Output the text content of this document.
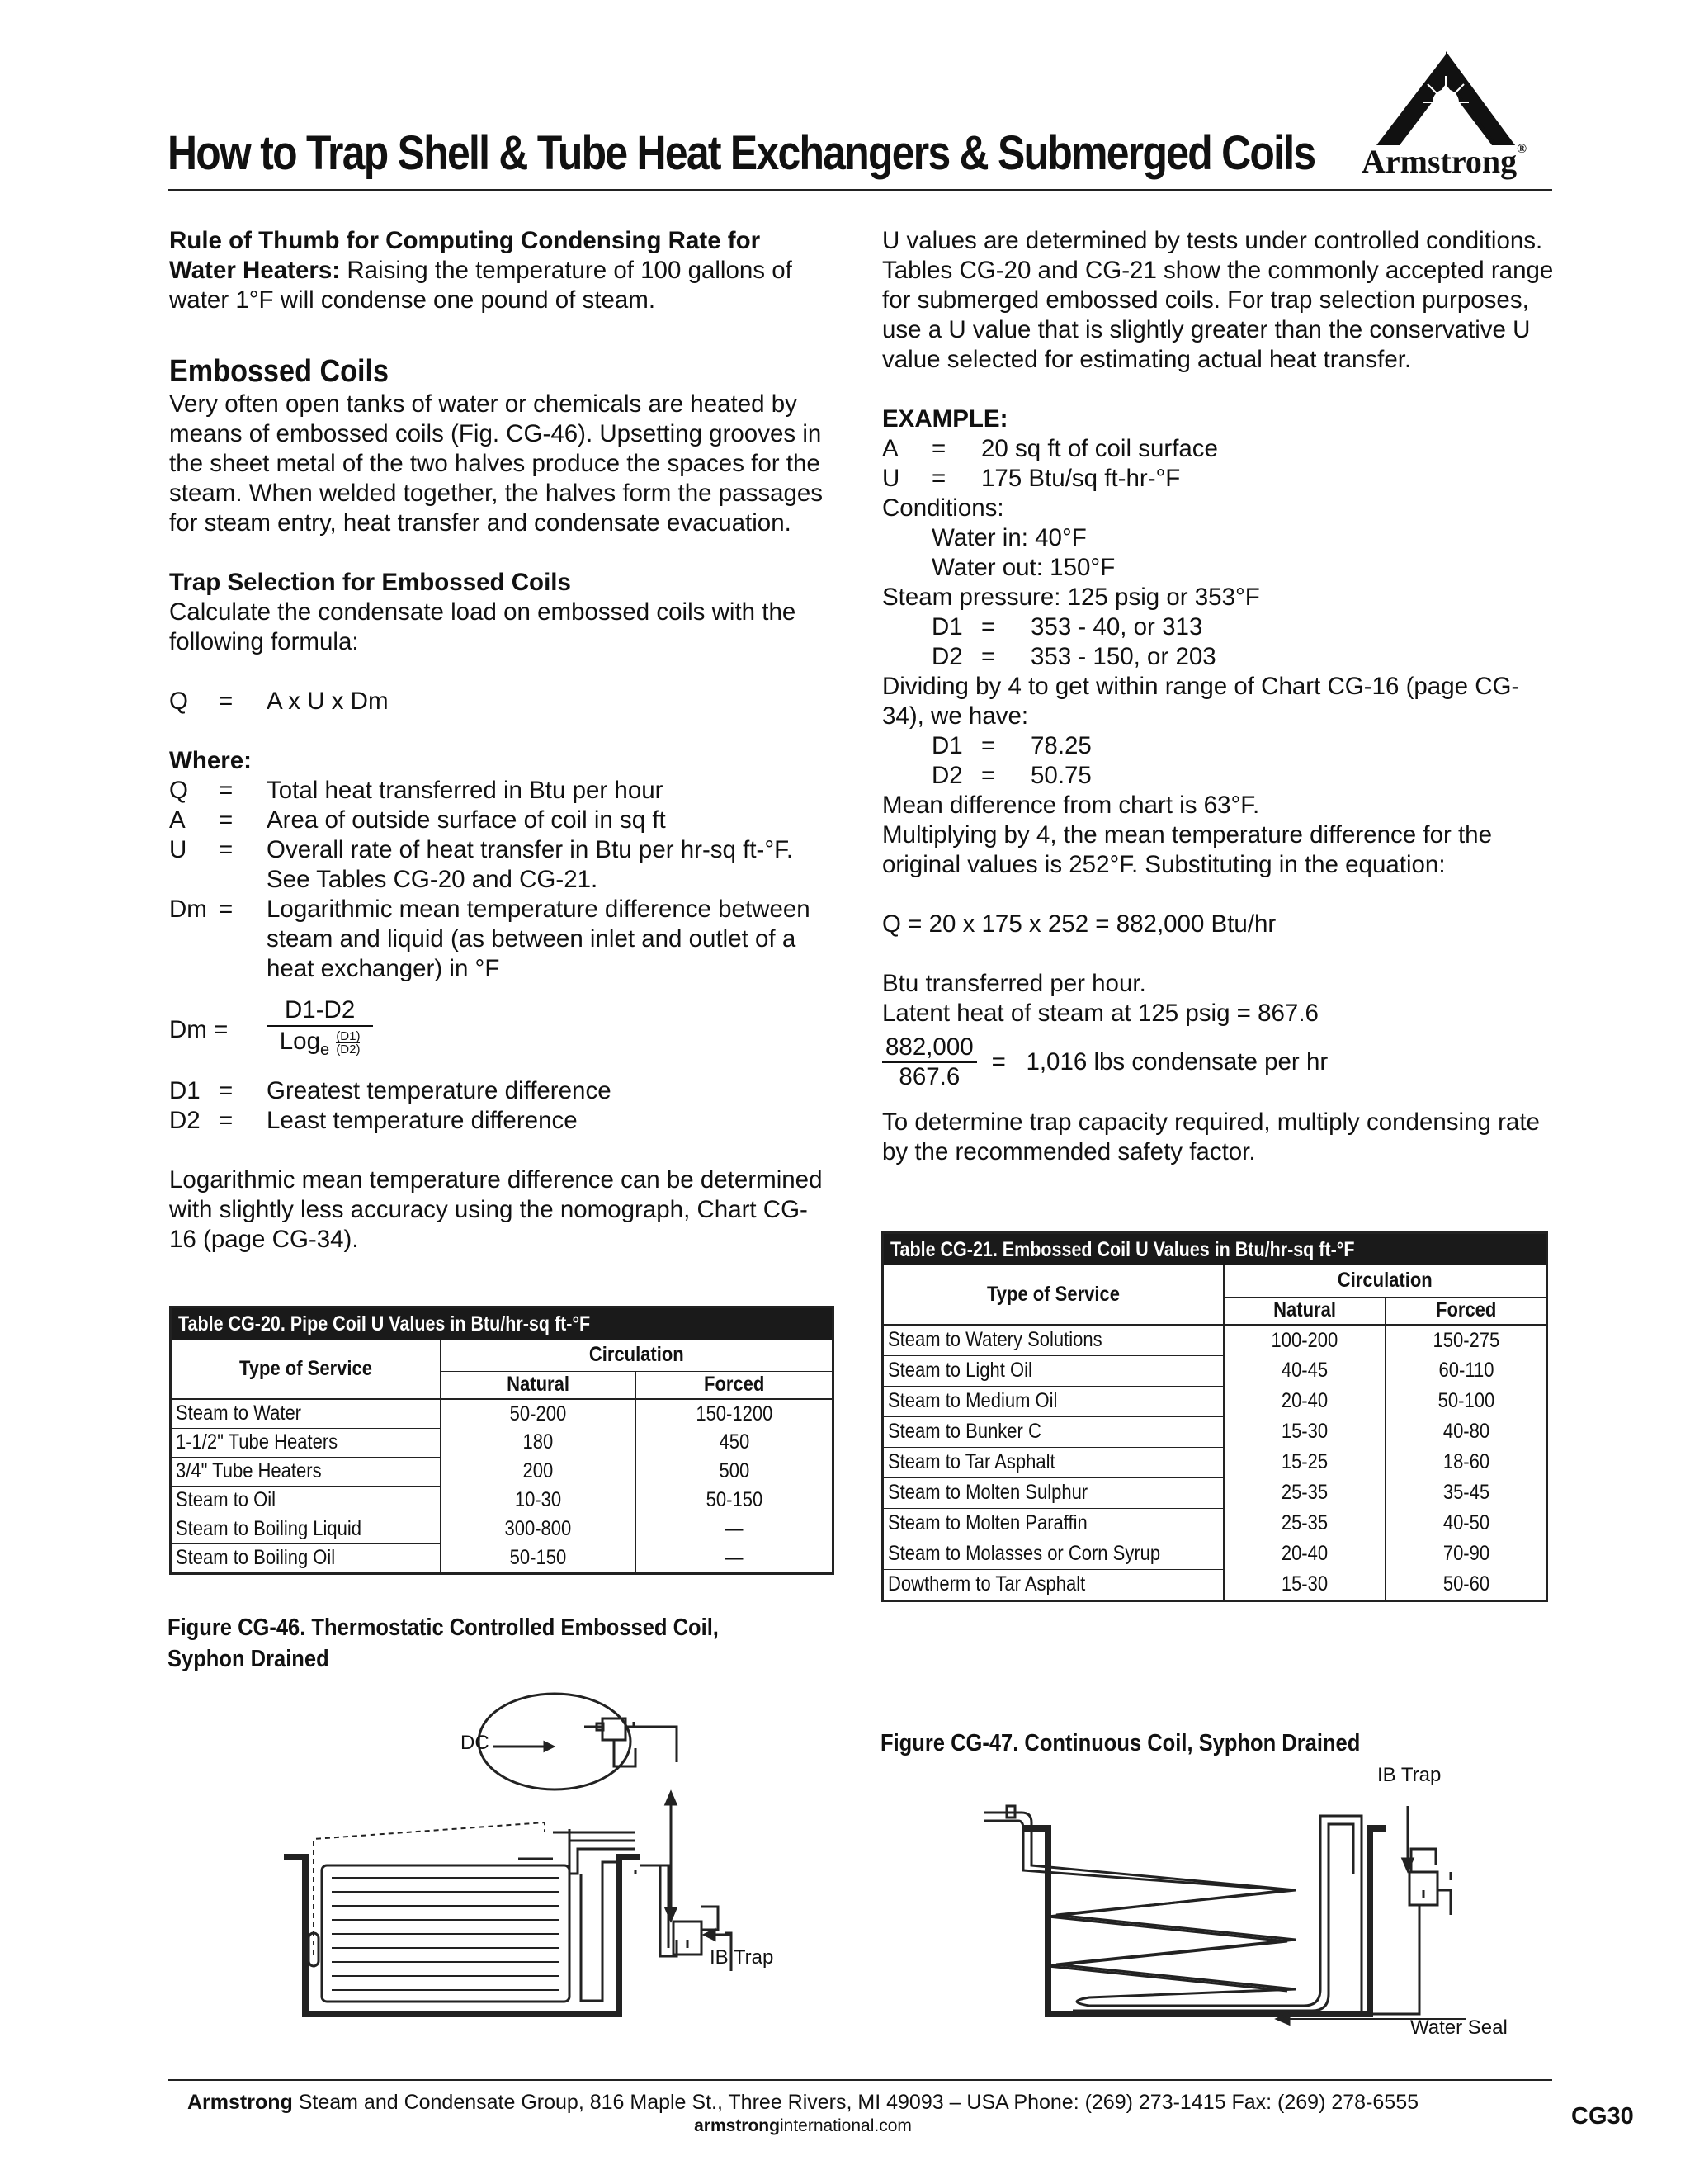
How to Trap Shell & Tube Heat Exchangers & Submerged Coils Armstrong®

Rule of Thumb for Computing Condensing Rate for Water Heaters: Raising the temperature of 100 gallons of water 1°F will condense one pound of steam.

Embossed Coils

Very often open tanks of water or chemicals are heated by means of embossed coils (Fig. CG-46). Upsetting grooves in the sheet metal of the two halves produce the spaces for the steam. When welded together, the halves form the passages for steam entry, heat transfer and condensate evacuation.

Trap Selection for Embossed Coils

Calculate the condensate load on embossed coils with the following formula:

Q	=	A x U x Dm

Where:

Q	=	Total heat transferred in Btu per hour
A	=	Area of outside surface of coil in sq ft
U	=	Overall rate of heat transfer in Btu per hr-sq ft-°F. See Tables CG-20 and CG-21.
Dm =	Logarithmic mean temperature difference between steam and liquid (as between inlet and outlet of a heat exchanger) in °F
Dm =	$\frac{D1-D2}{Log_e \frac{(D1)}{(D2)}}$
D1 =	Greatest temperature difference
D2 =	Least temperature difference

Logarithmic mean temperature difference can be determined with slightly less accuracy using the nomograph, Chart CG-16 (page CG-34).

U values are determined by tests under controlled conditions. Tables CG-20 and CG-21 show the commonly accepted range for submerged embossed coils. For trap selection purposes, use a U value that is slightly greater than the conservative U value selected for estimating actual heat transfer.

EXAMPLE:

A	=	20 sq ft of coil surface
U	=	175 Btu/sq ft-hr-°F

Conditions:

Water in: 40°F

Water out: 150°F

Steam pressure: 125 psig or 353°F

D1 =	353 - 40, or 313
D2 =	353 - 150, or 203

Dividing by 4 to get within range of Chart CG-16 (page CG-34), we have:

D1 =	78.25
D2 =	50.75

Mean difference from chart is 63°F.

Multiplying by 4, the mean temperature difference for the original values is 252°F. Substituting in the equation:

Q = 20 x 175 x 252 = 882,000 Btu/hr

Btu transferred per hour.

Latent heat of steam at 125 psig = 867.6

$\frac{882,000}{867.6} = 1,016$ lbs condensate per hr

To determine trap capacity required, multiply condensing rate by the recommended safety factor.

Table CG-20. Pipe Coil U Values in Btu/hr-sq ft-°F
Type of Service	Circulation	
	Natural	Forced
Steam to Water	50-200	150-1200
1-1/2" Tube Heaters	180	450
3/4" Tube Heaters	200	500
Steam to Oil	10-30	50-150
Steam to Boiling Liquid	300-800	—
Steam to Boiling Oil	50-150	—
Table CG-21. Embossed Coil U Values in Btu/hr-sq ft-°F
Type of Service	Circulation	
	Natural	Forced
Steam to Watery Solutions	100-200	150-275
Steam to Light Oil	40-45	60-110
Steam to Medium Oil	20-40	50-100
Steam to Bunker C	15-30	40-80
Steam to Tar Asphalt	15-25	18-60
Steam to Molten Sulphur	25-35	35-45
Steam to Molten Paraffin	25-35	40-50
Steam to Molasses or Corn Syrup	20-40	70-90
Dowtherm to Tar Asphalt	15-30	50-60
Figure CG-46. Thermostatic Controlled Embossed Coil,
Syphon Drained
DC
IB Trap
Figure CG-47. Continuous Coil, Syphon Drained
IB Trap
Water Seal
Armstrong Steam and Condensate Group, 816 Maple St., Three Rivers, MI 49093 – USA Phone: (269) 273-1415 Fax: (269) 278-6555
armstronginternational.com	CG30
